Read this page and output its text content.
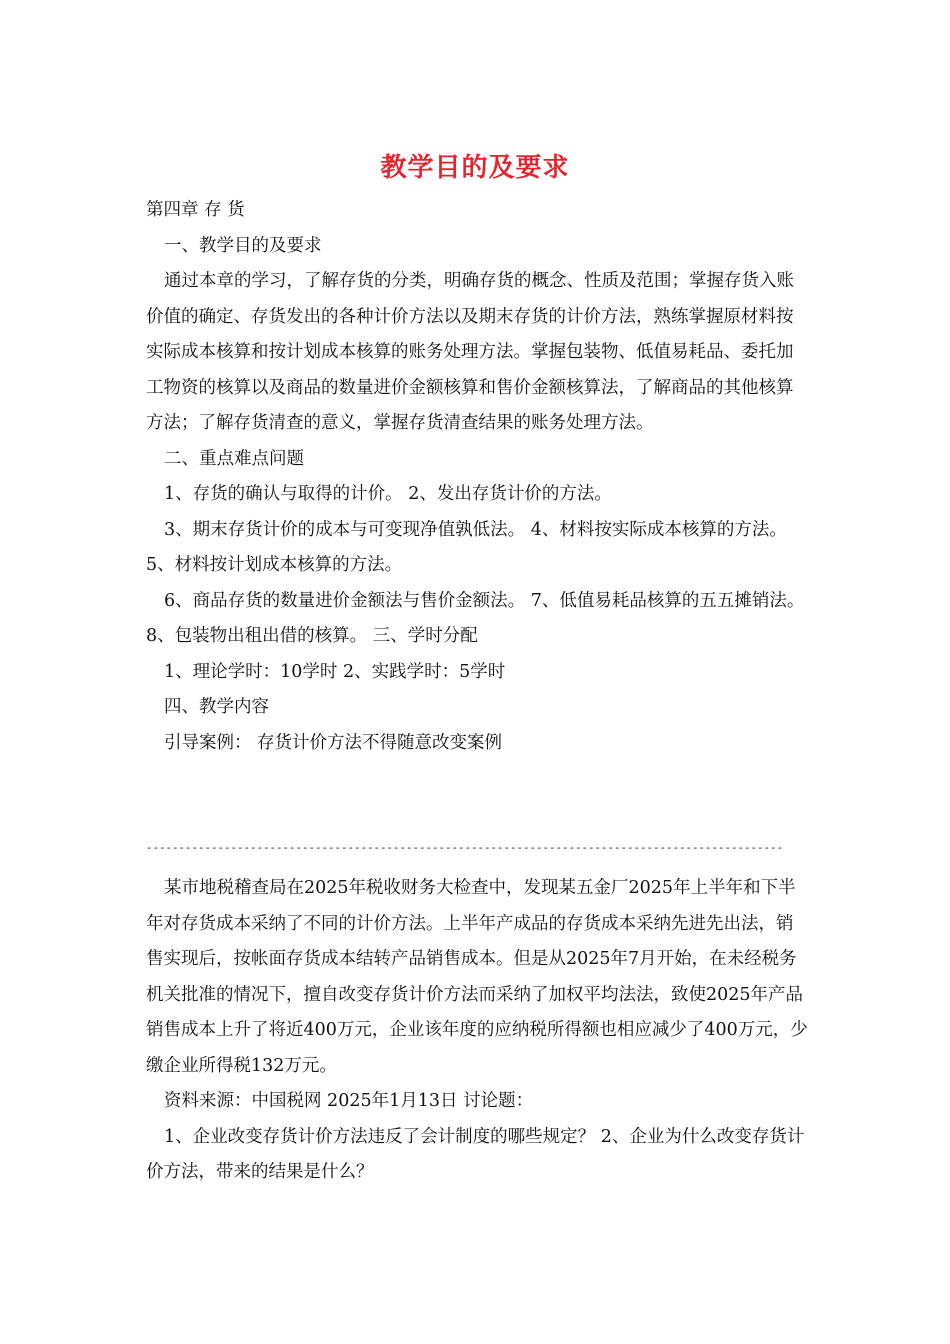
教学目的及要求

第四章 存 货

一、教学目的及要求

通过本章的学习，了解存货的分类，明确存货的概念、性质及范围；掌握存货入账价值的确定、存货发出的各种计价方法以及期末存货的计价方法，熟练掌握原材料按实际成本核算和按计划成本核算的账务处理方法。掌握包装物、低值易耗品、委托加工物资的核算以及商品的数量进价金额核算和售价金额核算法，了解商品的其他核算方法；了解存货清查的意义，掌握存货清查结果的账务处理方法。

二、重点难点问题

1、存货的确认与取得的计价。 2、发出存货计价的方法。

3、期末存货计价的成本与可变现净值孰低法。 4、材料按实际成本核算的方法。 5、材料按计划成本核算的方法。

6、商品存货的数量进价金额法与售价金额法。 7、低值易耗品核算的五五摊销法。 8、包装物出租出借的核算。 三、学时分配

1、理论学时：10学时 2、实践学时：5学时

四、教学内容

引导案例： 存货计价方法不得随意改变案例

--------------------------------------------------------------------------------------------------

某市地税稽查局在2025年税收财务大检查中，发现某五金厂2025年上半年和下半年对存货成本采纳了不同的计价方法。上半年产成品的存货成本采纳先进先出法，销售实现后，按帐面存货成本结转产品销售成本。但是从2025年7月开始，在未经税务机关批准的情况下，擅自改变存货计价方法而采纳了加权平均法法，致使2025年产品销售成本上升了将近400万元，企业该年度的应纳税所得额也相应减少了400万元，少缴企业所得税132万元。

资料来源：中国税网 2025年1月13日 讨论题：

1、企业改变存货计价方法违反了会计制度的哪些规定？ 2、企业为什么改变存货计价方法，带来的结果是什么？
